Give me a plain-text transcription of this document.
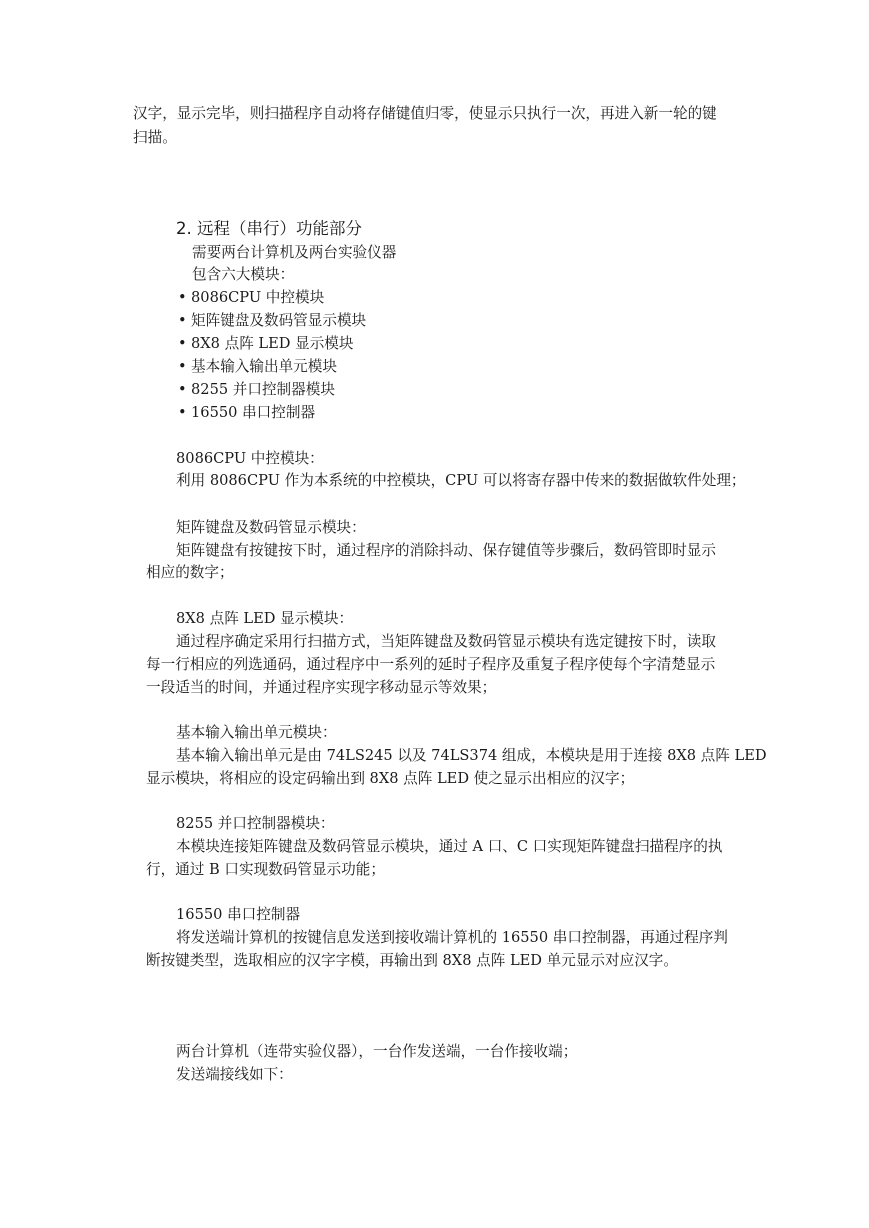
汉字，显示完毕，则扫描程序自动将存储键值归零，使显示只执行一次，再进入新一轮的键
扫描。
2. 远程（串行）功能部分
需要两台计算机及两台实验仪器
包含六大模块：
• 8086CPU 中控模块
• 矩阵键盘及数码管显示模块
• 8X8 点阵 LED 显示模块
• 基本输入输出单元模块
• 8255 并口控制器模块
• 16550 串口控制器
8086CPU 中控模块：
利用 8086CPU 作为本系统的中控模块，CPU 可以将寄存器中传来的数据做软件处理；
矩阵键盘及数码管显示模块：
矩阵键盘有按键按下时，通过程序的消除抖动、保存键值等步骤后，数码管即时显示
相应的数字；
8X8 点阵 LED 显示模块：
通过程序确定采用行扫描方式，当矩阵键盘及数码管显示模块有选定键按下时，读取
每一行相应的列选通码，通过程序中一系列的延时子程序及重复子程序使每个字清楚显示
一段适当的时间，并通过程序实现字移动显示等效果；
基本输入输出单元模块：
基本输入输出单元是由 74LS245 以及 74LS374 组成，本模块是用于连接 8X8 点阵 LED
显示模块，将相应的设定码输出到 8X8 点阵 LED 使之显示出相应的汉字；
8255 并口控制器模块：
本模块连接矩阵键盘及数码管显示模块，通过 A 口、C 口实现矩阵键盘扫描程序的执
行，通过 B 口实现数码管显示功能；
16550 串口控制器
将发送端计算机的按键信息发送到接收端计算机的 16550 串口控制器，再通过程序判
断按键类型，选取相应的汉字字模，再输出到 8X8 点阵 LED 单元显示对应汉字。
两台计算机（连带实验仪器），一台作发送端，一台作接收端；
发送端接线如下：
